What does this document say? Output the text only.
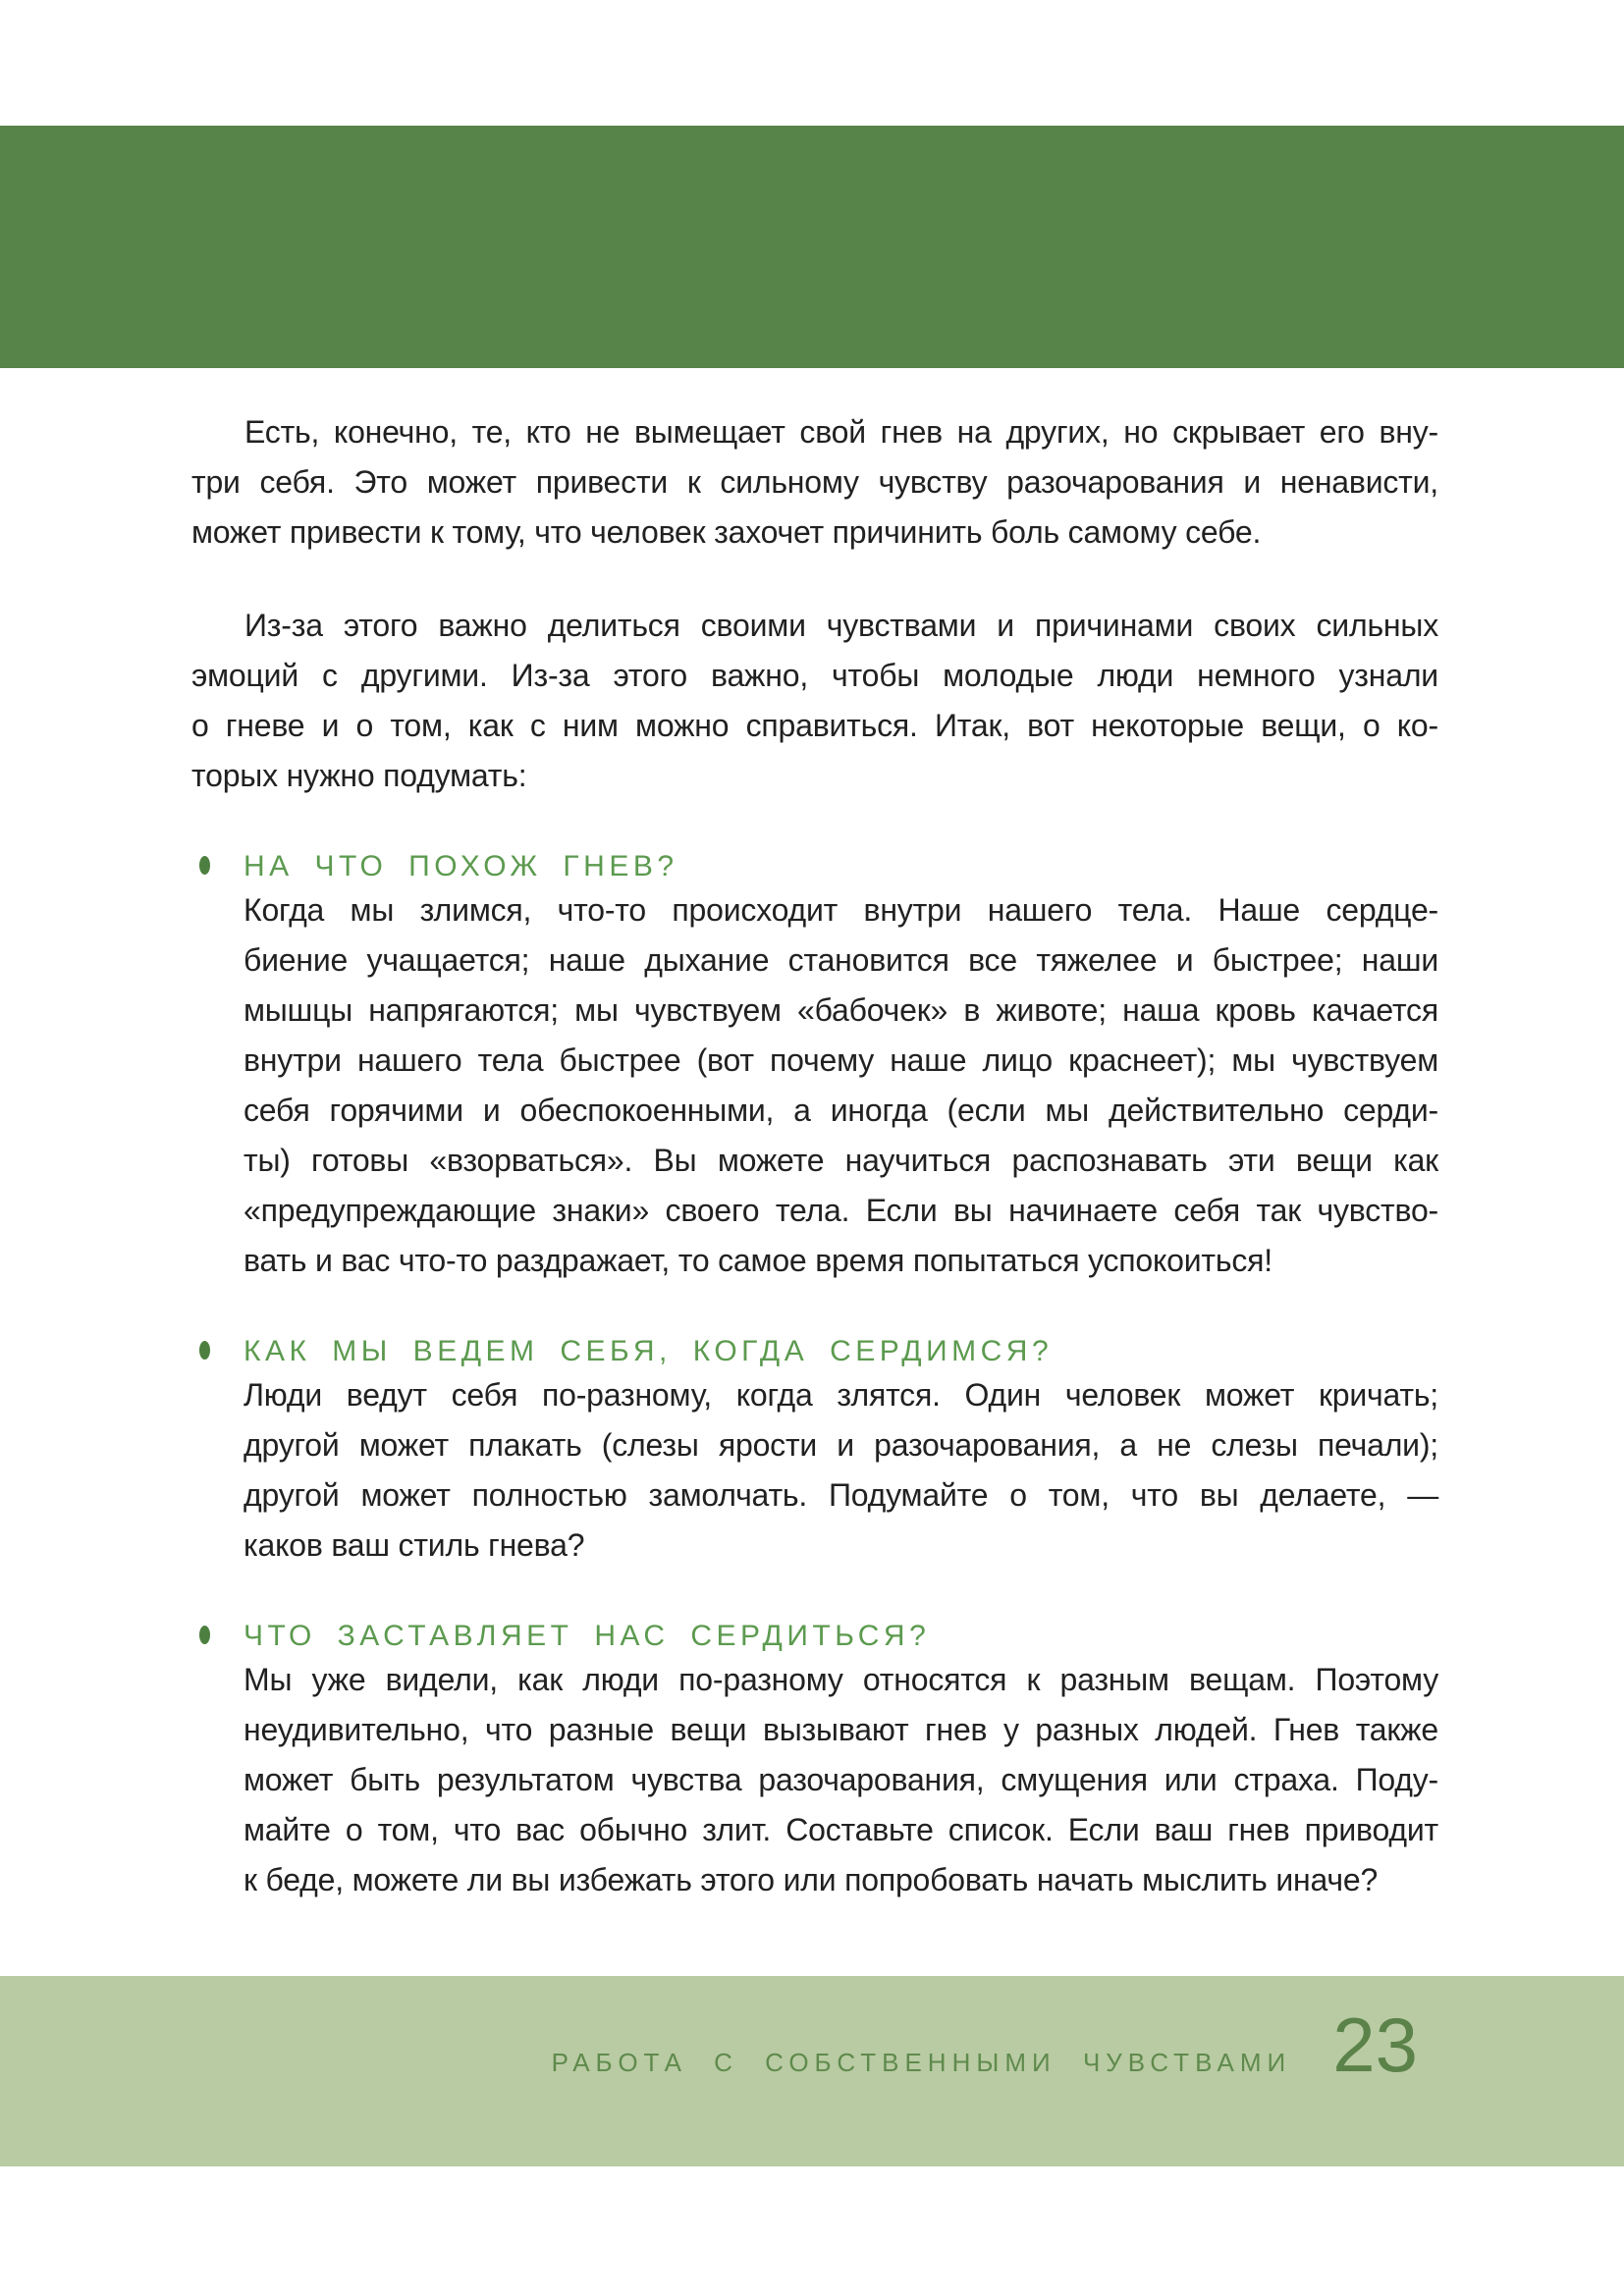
Есть, конечно, те, кто не вымещает свой гнев на других, но скрывает его вну-
три себя. Это может привести к сильному чувству разочарования и ненависти,
может привести к тому, что человек захочет причинить боль самому себе.
Из-за этого важно делиться своими чувствами и причинами своих сильных
эмоций с другими. Из-за этого важно, чтобы молодые люди немного узнали
о гневе и о том, как с ним можно справиться. Итак, вот некоторые вещи, о ко-
торых нужно подумать:
НА ЧТО ПОХОЖ ГНЕВ?
Когда мы злимся, что-то происходит внутри нашего тела. Наше сердце-
биение учащается; наше дыхание становится все тяжелее и быстрее; наши
мышцы напрягаются; мы чувствуем «бабочек» в животе; наша кровь качается
внутри нашего тела быстрее (вот почему наше лицо краснеет); мы чувствуем
себя горячими и обеспокоенными, а иногда (если мы действительно серди-
ты) готовы «взорваться». Вы можете научиться распознавать эти вещи как
«предупреждающие знаки» своего тела. Если вы начинаете себя так чувство-
вать и вас что-то раздражает, то самое время попытаться успокоиться!
КАК МЫ ВЕДЕМ СЕБЯ, КОГДА СЕРДИМСЯ?
Люди ведут себя по-разному, когда злятся. Один человек может кричать;
другой может плакать (слезы ярости и разочарования, а не слезы печали);
другой может полностью замолчать. Подумайте о том, что вы делаете, —
каков ваш стиль гнева?
ЧТО ЗАСТАВЛЯЕТ НАС СЕРДИТЬСЯ?
Мы уже видели, как люди по-разному относятся к разным вещам. Поэтому
неудивительно, что разные вещи вызывают гнев у разных людей. Гнев также
может быть результатом чувства разочарования, смущения или страха. Поду-
майте о том, что вас обычно злит. Составьте список. Если ваш гнев приводит
к беде, можете ли вы избежать этого или попробовать начать мыслить иначе?
РАБОТА С СОБСТВЕННЫМИ ЧУВСТВАМИ 23
